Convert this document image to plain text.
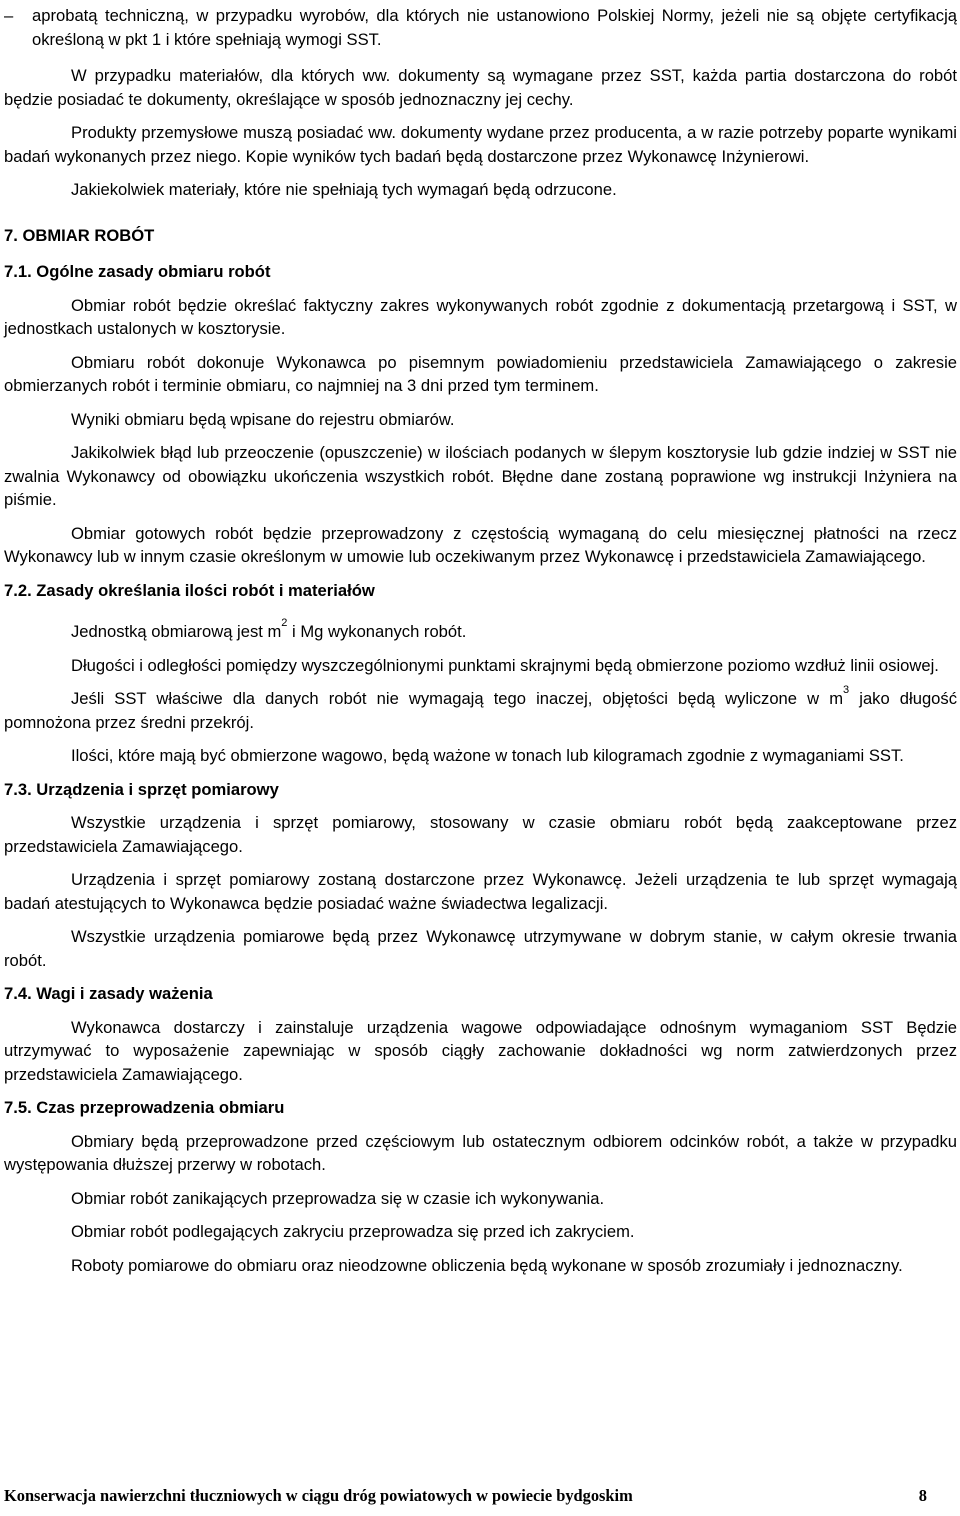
– aprobatą techniczną, w przypadku wyrobów, dla których nie ustanowiono Polskiej Normy, jeżeli nie są objęte certyfikacją określoną w pkt 1 i które spełniają wymogi SST.

W przypadku materiałów, dla których ww. dokumenty są wymagane przez SST, każda partia dostarczona do robót będzie posiadać te dokumenty, określające w sposób jednoznaczny jej cechy.

Produkty przemysłowe muszą posiadać ww. dokumenty wydane przez producenta, a w razie potrzeby poparte wynikami badań wykonanych przez niego. Kopie wyników tych badań będą dostarczone przez Wykonawcę Inżynierowi.

Jakiekolwiek materiały, które nie spełniają tych wymagań będą odrzucone.

7. OBMIAR ROBÓT
7.1. Ogólne zasady obmiaru robót

Obmiar robót będzie określać faktyczny zakres wykonywanych robót zgodnie z dokumentacją przetargową i SST, w jednostkach ustalonych w kosztorysie.

Obmiaru robót dokonuje Wykonawca po pisemnym powiadomieniu przedstawiciela Zamawiającego o zakresie obmierzanych robót i terminie obmiaru, co najmniej na 3 dni przed tym terminem.

Wyniki obmiaru będą wpisane do rejestru obmiarów.

Jakikolwiek błąd lub przeoczenie (opuszczenie) w ilościach podanych w ślepym kosztorysie lub gdzie indziej w SST nie zwalnia Wykonawcy od obowiązku ukończenia wszystkich robót. Błędne dane zostaną poprawione wg instrukcji Inżyniera na piśmie.

Obmiar gotowych robót będzie przeprowadzony z częstością wymaganą do celu miesięcznej płatności na rzecz Wykonawcy lub w innym czasie określonym w umowie lub oczekiwanym przez Wykonawcę i przedstawiciela Zamawiającego.

7.2. Zasady określania ilości robót i materiałów

Jednostką obmiarową jest $m^2$ i Mg wykonanych robót.

Długości i odległości pomiędzy wyszczególnionymi punktami skrajnymi będą obmierzone poziomo wzdłuż linii osiowej.

Jeśli SST właściwe dla danych robót nie wymagają tego inaczej, objętości będą wyliczone w $m^3$ jako długość pomnożona przez średni przekrój.

Ilości, które mają być obmierzone wagowo, będą ważone w tonach lub kilogramach zgodnie z wymaganiami SST.

7.3. Urządzenia i sprzęt pomiarowy

Wszystkie urządzenia i sprzęt pomiarowy, stosowany w czasie obmiaru robót będą zaakceptowane przez przedstawiciela Zamawiającego.

Urządzenia i sprzęt pomiarowy zostaną dostarczone przez Wykonawcę. Jeżeli urządzenia te lub sprzęt wymagają badań atestujących to Wykonawca będzie posiadać ważne świadectwa legalizacji.

Wszystkie urządzenia pomiarowe będą przez Wykonawcę utrzymywane w dobrym stanie, w całym okresie trwania robót.

7.4. Wagi i zasady ważenia

Wykonawca dostarczy i zainstaluje urządzenia wagowe odpowiadające odnośnym wymaganiom SST Będzie utrzymywać to wyposażenie zapewniając w sposób ciągły zachowanie dokładności wg norm zatwierdzonych przez przedstawiciela Zamawiającego.

7.5. Czas przeprowadzenia obmiaru

Obmiary będą przeprowadzone przed częściowym lub ostatecznym odbiorem odcinków robót, a także w przypadku występowania dłuższej przerwy w robotach.

Obmiar robót zanikających przeprowadza się w czasie ich wykonywania.

Obmiar robót podlegających zakryciu przeprowadza się przed ich zakryciem.

Roboty pomiarowe do obmiaru oraz nieodzowne obliczenia będą wykonane w sposób zrozumiały i jednoznaczny.

Konserwacja nawierzchni tłuczniowych w ciągu dróg powiatowych w powiecie bydgoskim	8
